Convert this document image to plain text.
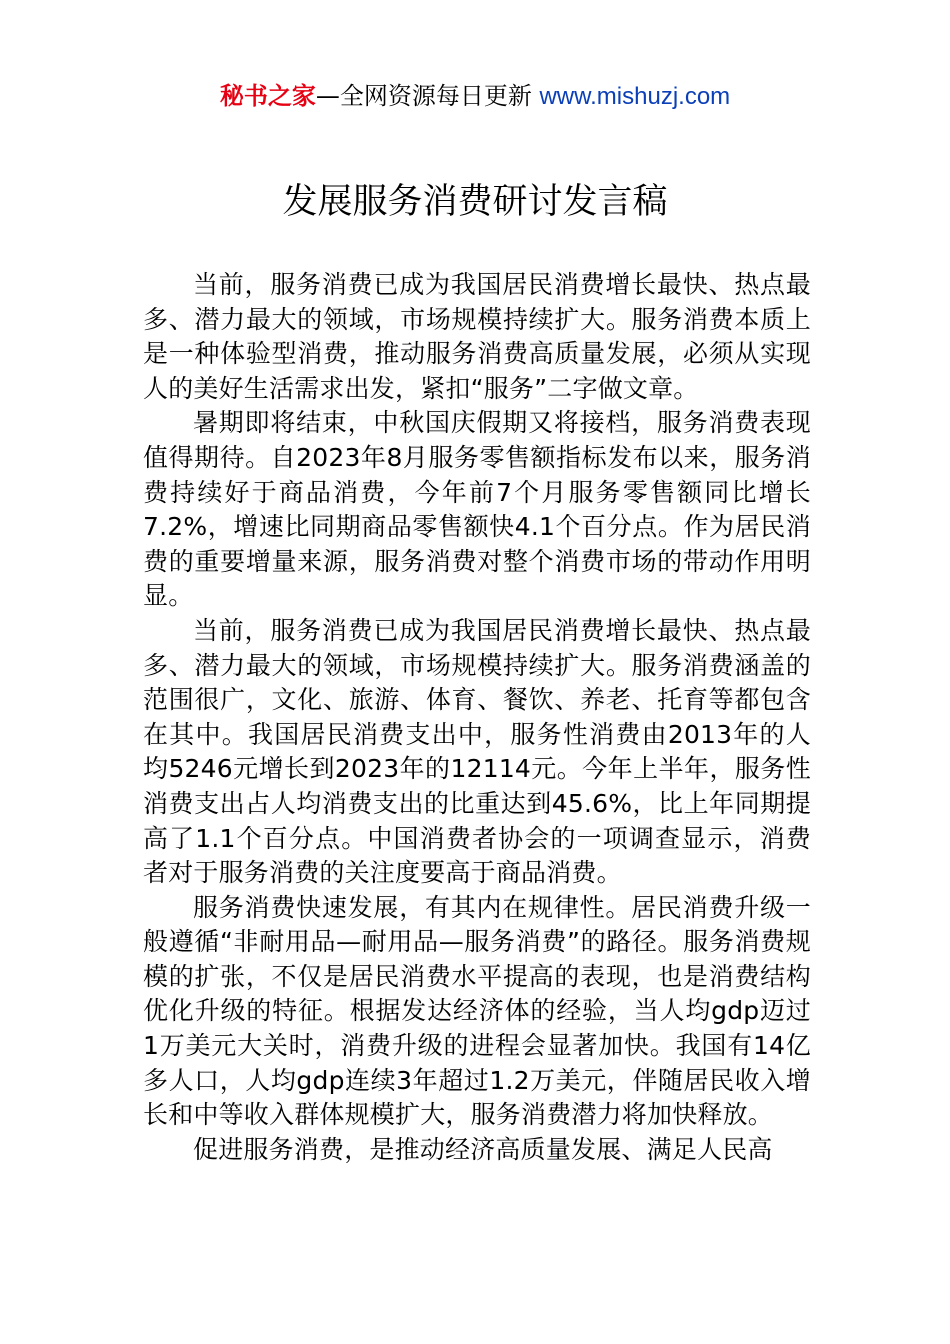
秘书之家—全网资源每日更新 www.mishuzj.com
发展服务消费研讨发言稿

当前，服务消费已成为我国居民消费增长最快、热点最多、潜力最大的领域，市场规模持续扩大。服务消费本质上是一种体验型消费，推动服务消费高质量发展，必须从实现人的美好生活需求出发，紧扣“服务”二字做文章。

暑期即将结束，中秋国庆假期又将接档，服务消费表现值得期待。自2023年8月服务零售额指标发布以来，服务消费持续好于商品消费，今年前7个月服务零售额同比增长7.2%，增速比同期商品零售额快4.1个百分点。作为居民消费的重要增量来源，服务消费对整个消费市场的带动作用明显。

当前，服务消费已成为我国居民消费增长最快、热点最多、潜力最大的领域，市场规模持续扩大。服务消费涵盖的范围很广，文化、旅游、体育、餐饮、养老、托育等都包含在其中。我国居民消费支出中，服务性消费由2013年的人均5246元增长到2023年的12114元。今年上半年，服务性消费支出占人均消费支出的比重达到45.6%，比上年同期提高了1.1个百分点。中国消费者协会的一项调查显示，消费者对于服务消费的关注度要高于商品消费。

服务消费快速发展，有其内在规律性。居民消费升级一般遵循“非耐用品—耐用品—服务消费”的路径。服务消费规模的扩张，不仅是居民消费水平提高的表现，也是消费结构优化升级的特征。根据发达经济体的经验，当人均gdp迈过1万美元大关时，消费升级的进程会显著加快。我国有14亿多人口，人均gdp连续3年超过1.2万美元，伴随居民收入增长和中等收入群体规模扩大，服务消费潜力将加快释放。

促进服务消费，是推动经济高质量发展、满足人民高
